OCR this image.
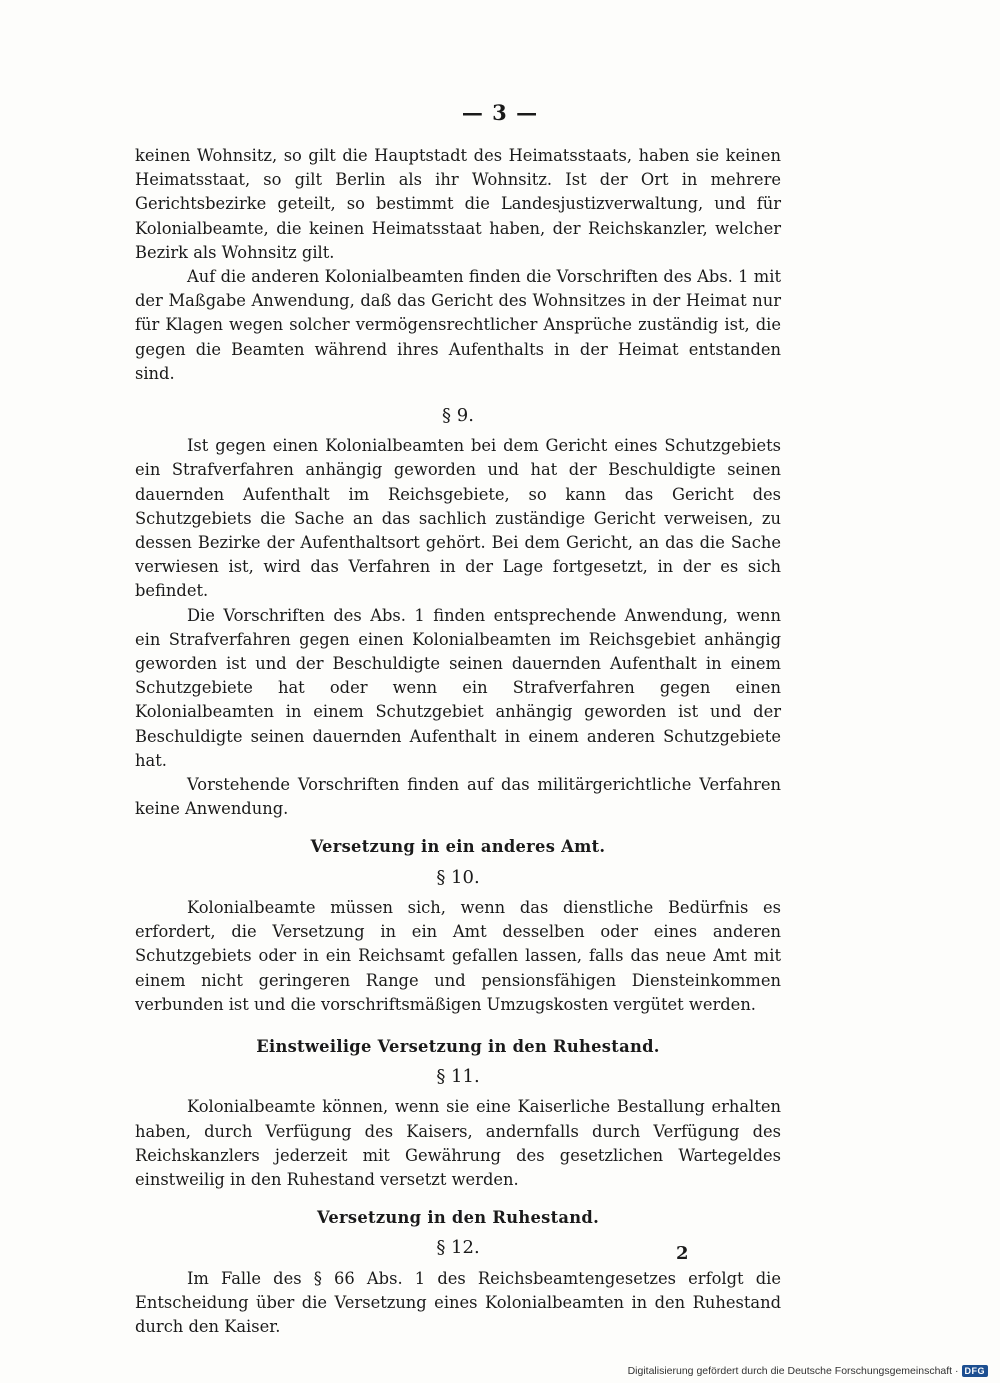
— 3 —

keinen Wohnsitz, so gilt die Hauptstadt des Heimatsstaats, haben sie keinen Heimatsstaat, so gilt Berlin als ihr Wohnsitz. Ist der Ort in mehrere Gerichtsbezirke geteilt, so bestimmt die Landesjustizverwaltung, und für Kolonialbeamte, die keinen Heimatsstaat haben, der Reichskanzler, welcher Bezirk als Wohnsitz gilt.

Auf die anderen Kolonialbeamten finden die Vorschriften des Abs. 1 mit der Maßgabe Anwendung, daß das Gericht des Wohnsitzes in der Heimat nur für Klagen wegen solcher vermögensrechtlicher Ansprüche zuständig ist, die gegen die Beamten während ihres Aufenthalts in der Heimat entstanden sind.

§ 9.

Ist gegen einen Kolonialbeamten bei dem Gericht eines Schutzgebiets ein Strafverfahren anhängig geworden und hat der Beschuldigte seinen dauernden Aufenthalt im Reichsgebiete, so kann das Gericht des Schutzgebiets die Sache an das sachlich zuständige Gericht verweisen, zu dessen Bezirke der Aufenthaltsort gehört. Bei dem Gericht, an das die Sache verwiesen ist, wird das Verfahren in der Lage fortgesetzt, in der es sich befindet.

Die Vorschriften des Abs. 1 finden entsprechende Anwendung, wenn ein Strafverfahren gegen einen Kolonialbeamten im Reichsgebiet anhängig geworden ist und der Beschuldigte seinen dauernden Aufenthalt in einem Schutzgebiete hat oder wenn ein Strafverfahren gegen einen Kolonialbeamten in einem Schutzgebiet anhängig geworden ist und der Beschuldigte seinen dauernden Aufenthalt in einem anderen Schutzgebiete hat.

Vorstehende Vorschriften finden auf das militärgerichtliche Verfahren keine Anwendung.

Versetzung in ein anderes Amt.

§ 10.

Kolonialbeamte müssen sich, wenn das dienstliche Bedürfnis es erfordert, die Versetzung in ein Amt desselben oder eines anderen Schutzgebiets oder in ein Reichsamt gefallen lassen, falls das neue Amt mit einem nicht geringeren Range und pensionsfähigen Diensteinkommen verbunden ist und die vorschriftsmäßigen Umzugskosten vergütet werden.

Einstweilige Versetzung in den Ruhestand.

§ 11.

Kolonialbeamte können, wenn sie eine Kaiserliche Bestallung erhalten haben, durch Verfügung des Kaisers, andernfalls durch Verfügung des Reichskanzlers jederzeit mit Gewährung des gesetzlichen Wartegeldes einstweilig in den Ruhestand versetzt werden.

Versetzung in den Ruhestand.

§ 12.

Im Falle des § 66 Abs. 1 des Reichsbeamtengesetzes erfolgt die Entscheidung über die Versetzung eines Kolonialbeamten in den Ruhestand durch den Kaiser.

2
Digitalisierung gefördert durch die Deutsche Forschungsgemeinschaft · DFG
